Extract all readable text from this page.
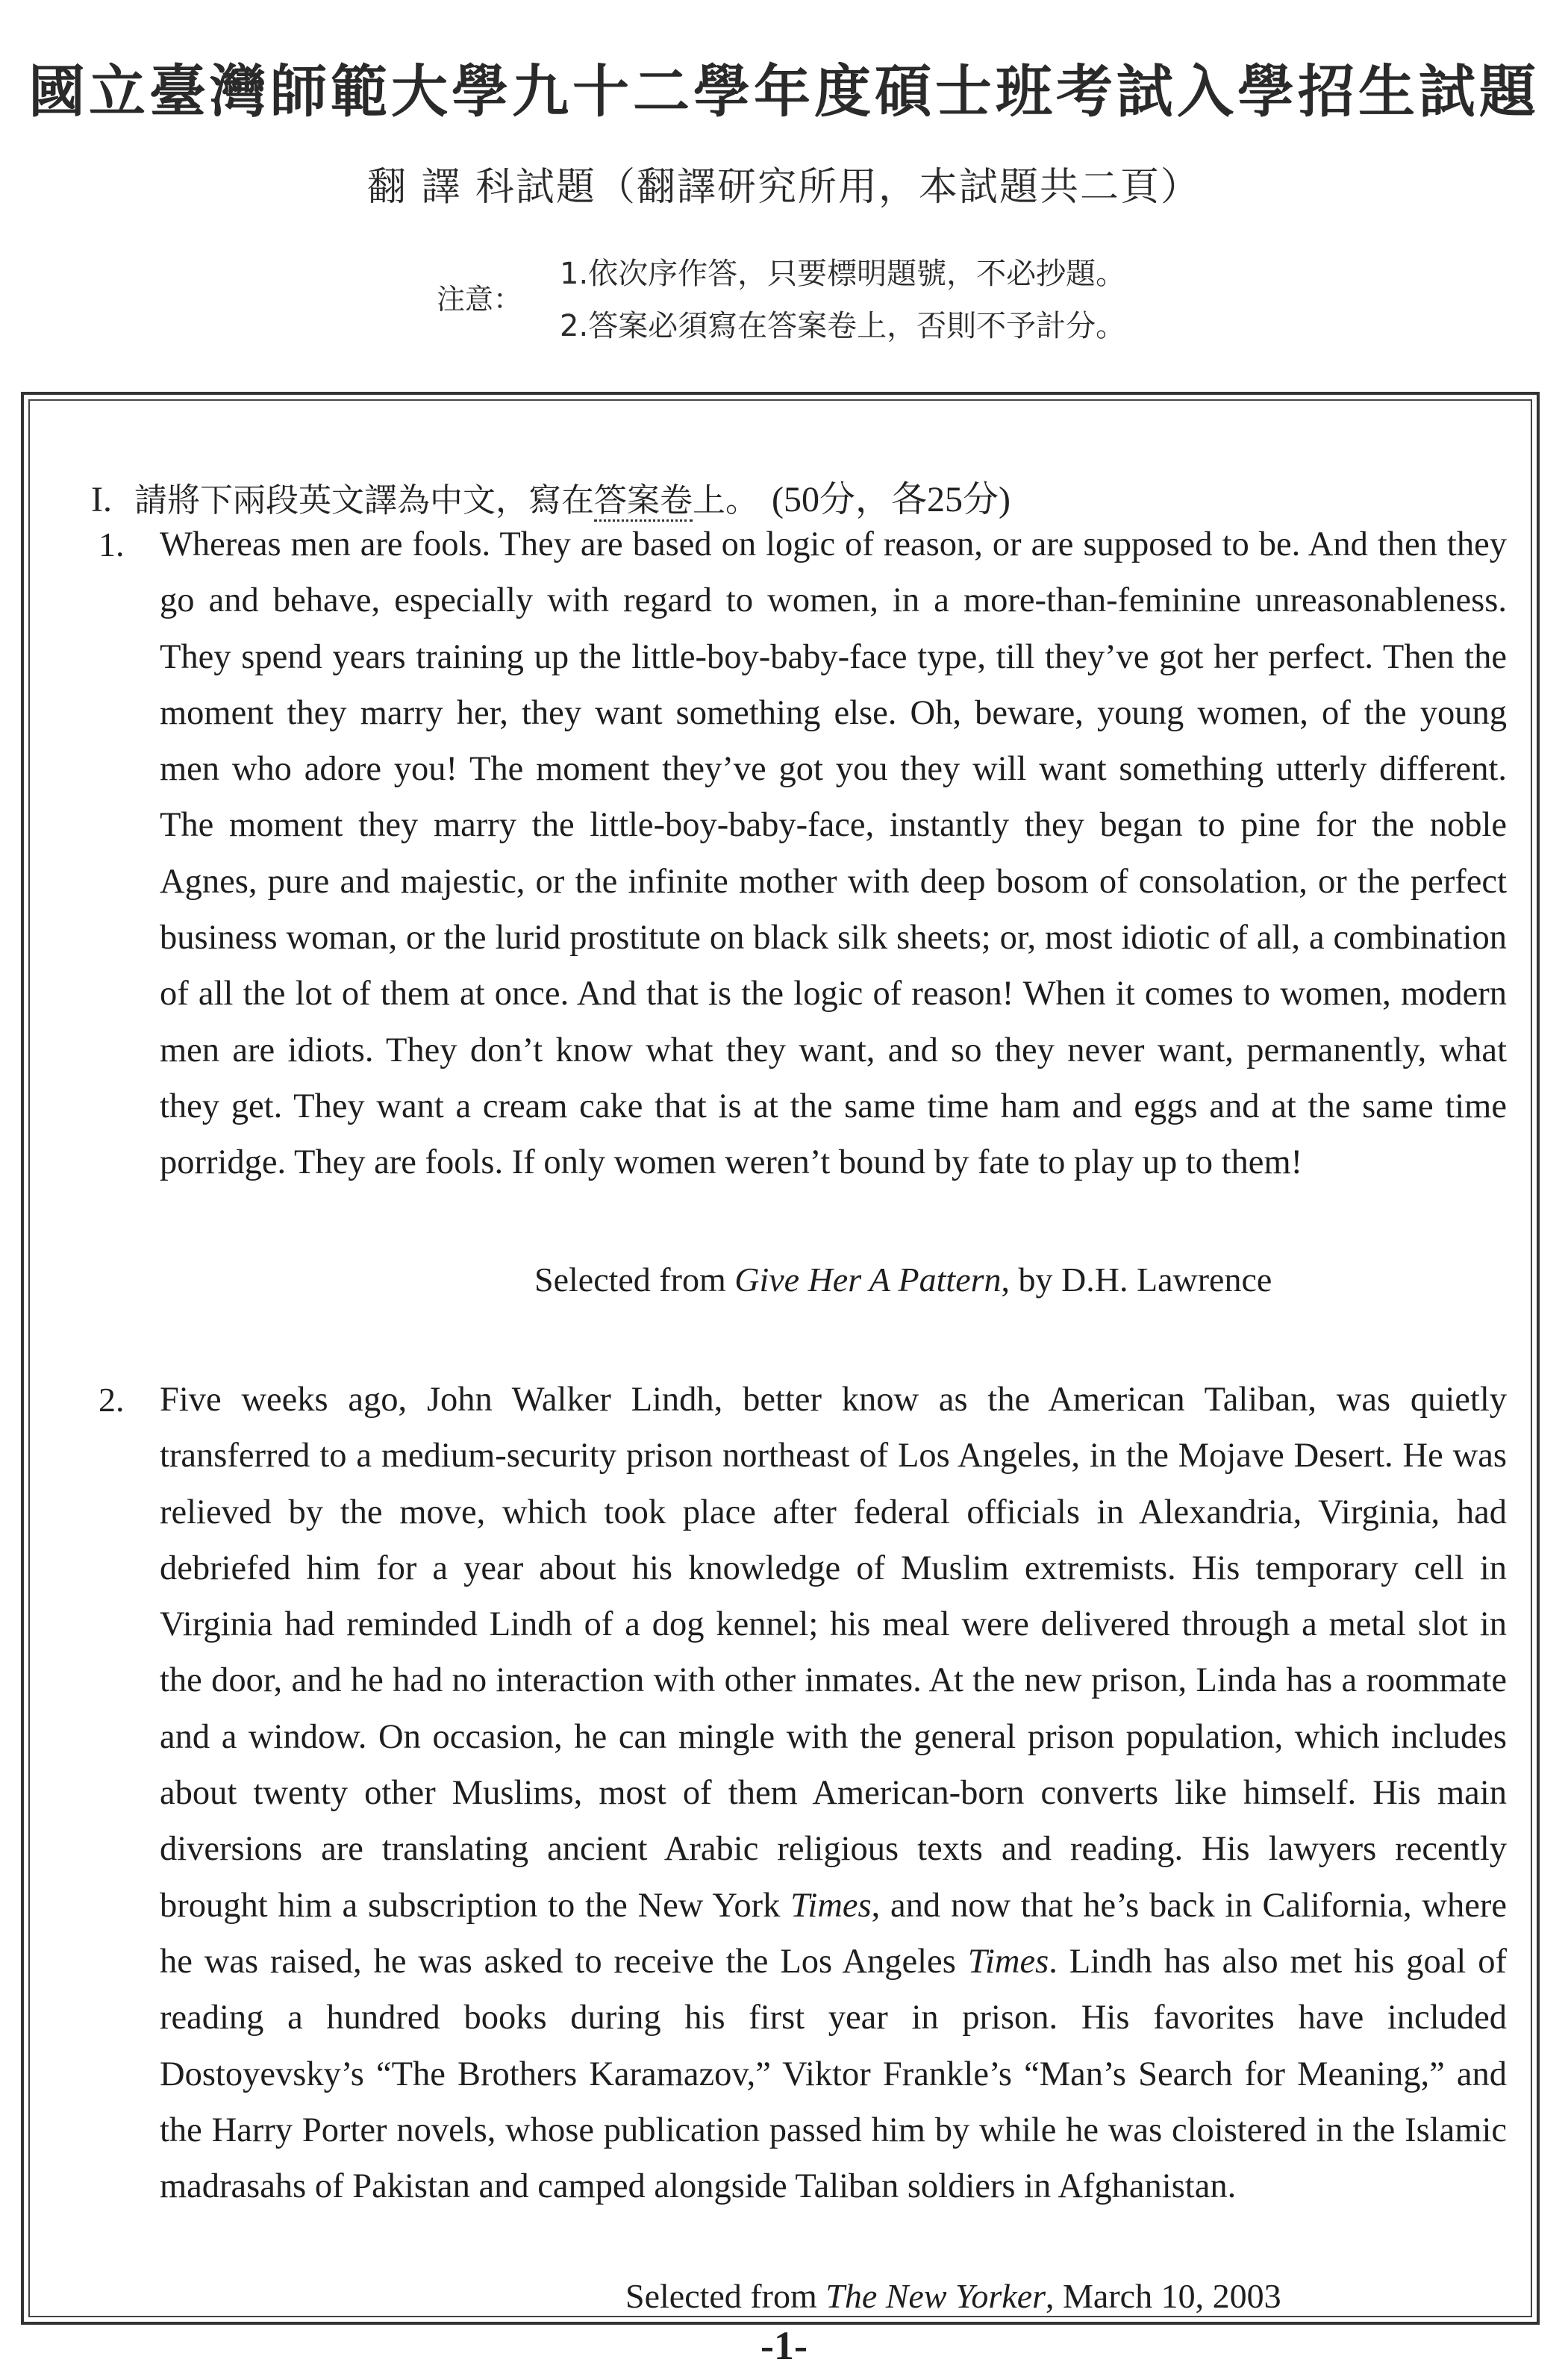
國立臺灣師範大學九十二學年度碩士班考試入學招生試題
翻 譯 科試題（翻譯研究所用，本試題共二頁）
注意：
1.依次序作答，只要標明題號，不必抄題。
2.答案必須寫在答案卷上，否則不予計分。
I. 請將下兩段英文譯為中文，寫在答案卷上。 (50分，各25分)
1. Whereas men are fools. They are based on logic of reason, or are supposed to be. And then they go and behave, especially with regard to women, in a more-than-feminine unreasonableness. They spend years training up the little-boy-baby-face type, till they’ve got her perfect. Then the moment they marry her, they want something else. Oh, beware, young women, of the young men who adore you! The moment they’ve got you they will want something utterly different. The moment they marry the little-boy-baby-face, instantly they began to pine for the noble Agnes, pure and majestic, or the infinite mother with deep bosom of consolation, or the perfect business woman, or the lurid prostitute on black silk sheets; or, most idiotic of all, a combination of all the lot of them at once. And that is the logic of reason! When it comes to women, modern men are idiots. They don’t know what they want, and so they never want, permanently, what they get. They want a cream cake that is at the same time ham and eggs and at the same time porridge. They are fools. If only women weren’t bound by fate to play up to them!
Selected from Give Her A Pattern, by D.H. Lawrence
2. Five weeks ago, John Walker Lindh, better know as the American Taliban, was quietly transferred to a medium-security prison northeast of Los Angeles, in the Mojave Desert. He was relieved by the move, which took place after federal officials in Alexandria, Virginia, had debriefed him for a year about his knowledge of Muslim extremists. His temporary cell in Virginia had reminded Lindh of a dog kennel; his meal were delivered through a metal slot in the door, and he had no interaction with other inmates. At the new prison, Linda has a roommate and a window. On occasion, he can mingle with the general prison population, which includes about twenty other Muslims, most of them American-born converts like himself. His main diversions are translating ancient Arabic religious texts and reading. His lawyers recently brought him a subscription to the New York Times, and now that he’s back in California, where he was raised, he was asked to receive the Los Angeles Times. Lindh has also met his goal of reading a hundred books during his first year in prison. His favorites have included Dostoyevsky’s “The Brothers Karamazov,” Viktor Frankle’s “Man’s Search for Meaning,” and the Harry Porter novels, whose publication passed him by while he was cloistered in the Islamic madrasahs of Pakistan and camped alongside Taliban soldiers in Afghanistan.
Selected from The New Yorker, March 10, 2003
-1-
